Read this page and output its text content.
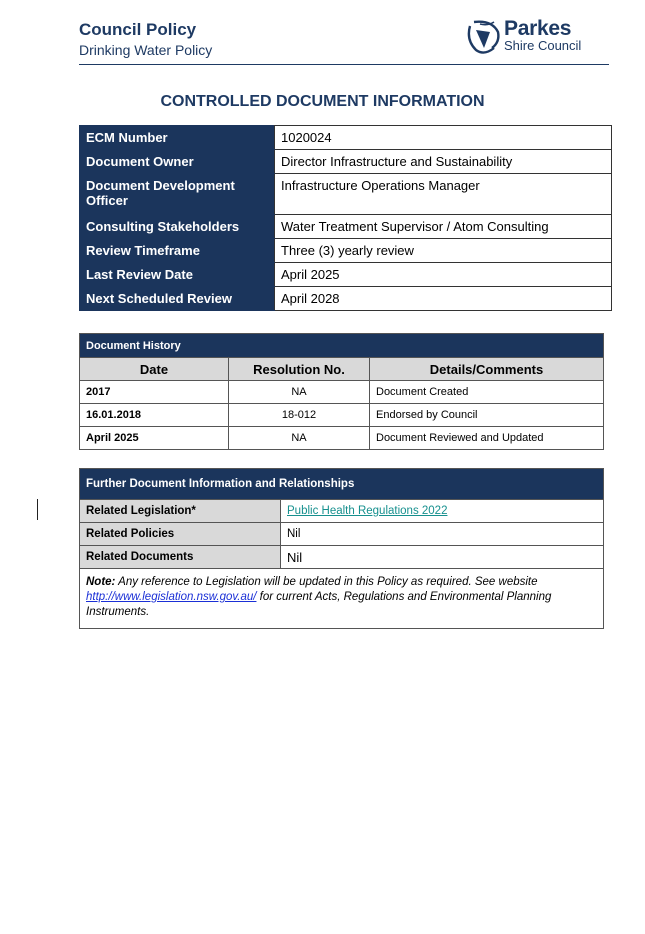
Council Policy
Drinking Water Policy
Parkes
Shire Council
CONTROLLED DOCUMENT INFORMATION
ECM Number	1020024
Document Owner	Director Infrastructure and Sustainability
Document Development Officer	Infrastructure Operations Manager
Consulting Stakeholders	Water Treatment Supervisor / Atom Consulting
Review Timeframe	Three (3) yearly review
Last Review Date	April 2025
Next Scheduled Review	April 2028
Document History		
Date	Resolution No.	Details/Comments
2017	NA	Document Created
16.01.2018	18-012	Endorsed by Council
April 2025	NA	Document Reviewed and Updated
Further Document Information and Relationships	
Related Legislation*	Public Health Regulations 2022
Related Policies	Nil
Related Documents	Nil
Note: Any reference to Legislation will be updated in this Policy as required. See website http://www.legislation.nsw.gov.au/ for current Acts, Regulations and Environmental Planning Instruments.	
